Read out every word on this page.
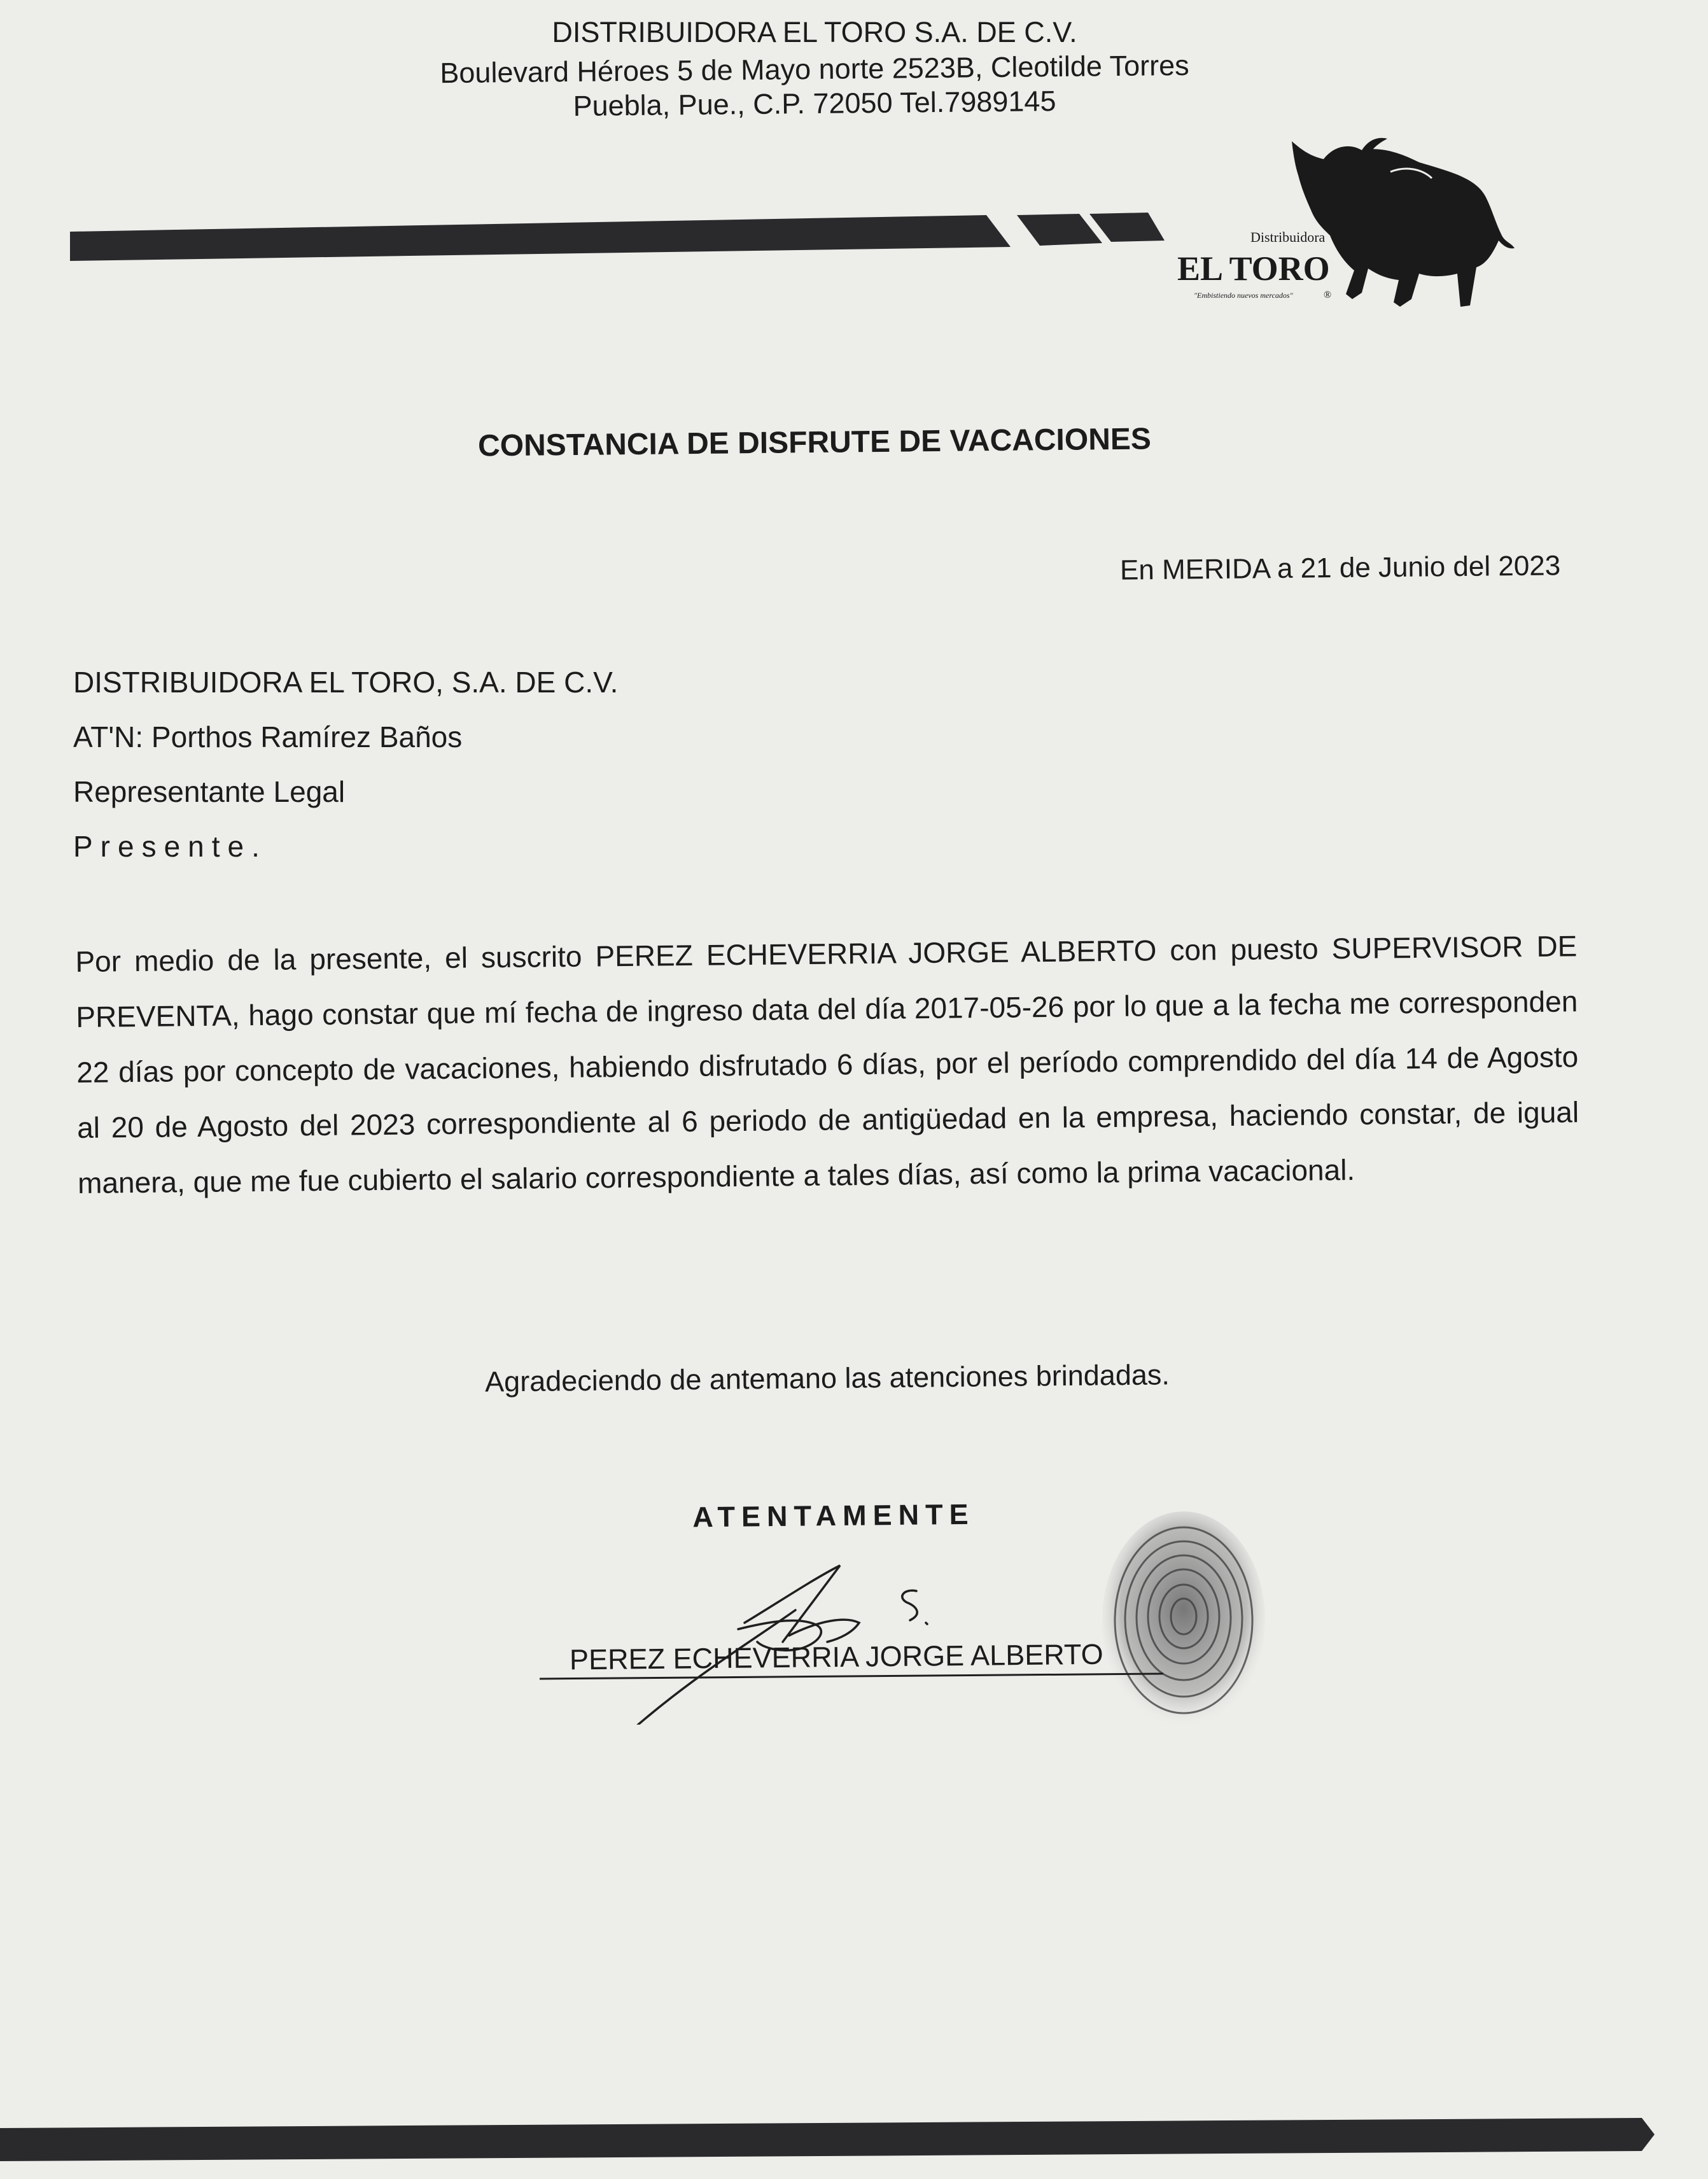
DISTRIBUIDORA EL TORO S.A. DE C.V.
Boulevard Héroes 5 de Mayo norte 2523B, Cleotilde Torres
Puebla, Pue., C.P. 72050 Tel.7989145
Distribuidora
EL TORO
"Embistiendo nuevos mercados"	®
CONSTANCIA DE DISFRUTE DE VACACIONES
En MERIDA a 21 de Junio del 2023
DISTRIBUIDORA EL TORO, S.A. DE C.V.
AT'N: Porthos Ramírez Baños
Representante Legal
Presente.
Por medio de la presente, el suscrito PEREZ ECHEVERRIA JORGE ALBERTO con puesto SUPERVISOR DE PREVENTA, hago constar que mí fecha de ingreso data del día 2017-05-26 por lo que a la fecha me corresponden 22 días por concepto de vacaciones, habiendo disfrutado 6 días, por el período comprendido del día 14 de Agosto al 20 de Agosto del 2023 correspondiente al 6 periodo de antigüedad en la empresa, haciendo constar, de igual manera, que me fue cubierto el salario correspondiente a tales días, así como la prima vacacional.
Agradeciendo de antemano las atenciones brindadas.
ATENTAMENTE
PEREZ ECHEVERRIA JORGE ALBERTO
